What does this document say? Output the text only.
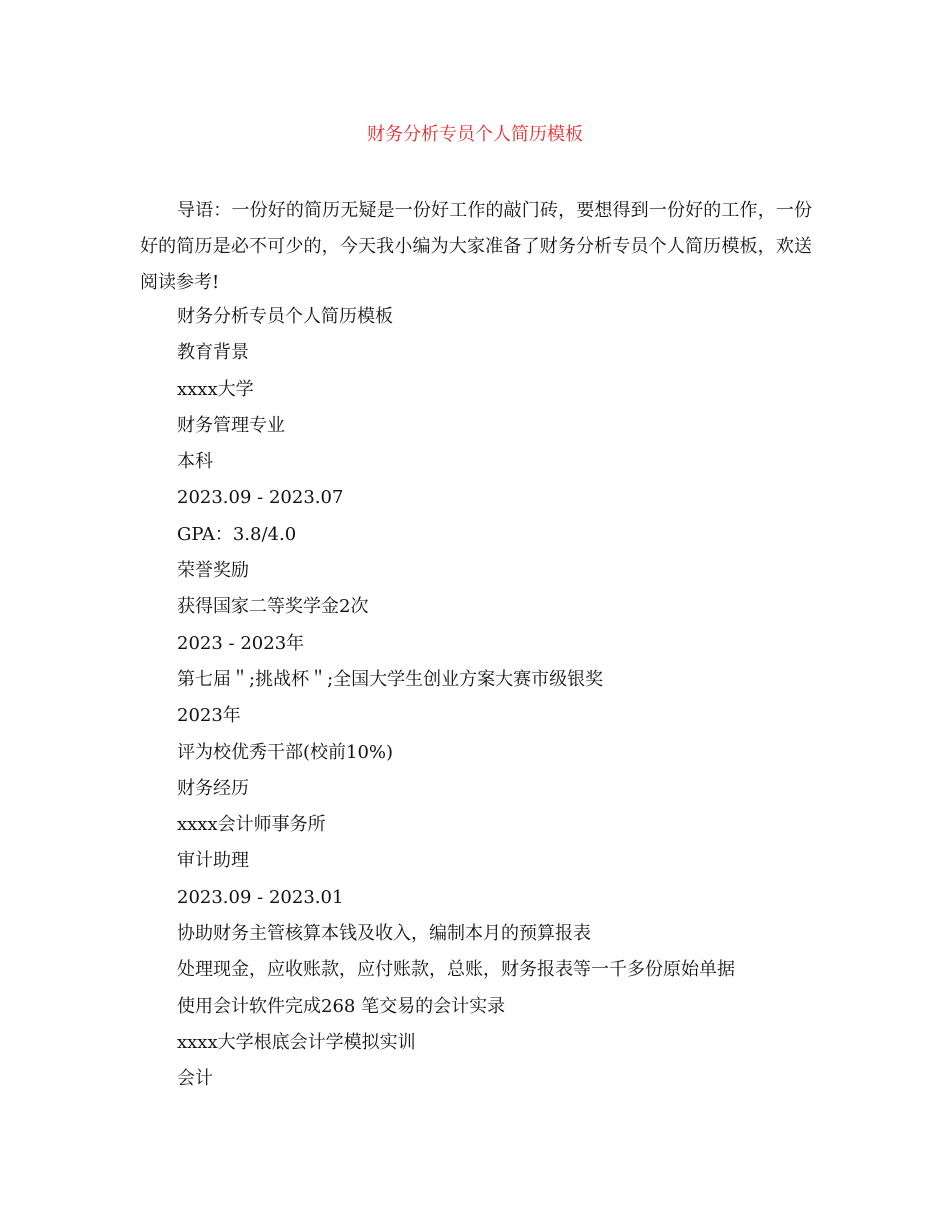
财务分析专员个人简历模板

导语：一份好的简历无疑是一份好工作的敲门砖，要想得到一份好的工作，一份好的简历是必不可少的，今天我小编为大家准备了财务分析专员个人简历模板，欢送阅读参考!

财务分析专员个人简历模板
教育背景
xxxx大学
财务管理专业
本科
2023.09 - 2023.07
GPA：3.8/4.0
荣誉奖励
获得国家二等奖学金2次
2023 - 2023年
第七届＂;挑战杯＂;全国大学生创业方案大赛市级银奖
2023年
评为校优秀干部(校前10%)
财务经历
xxxx会计师事务所
审计助理
2023.09 - 2023.01
协助财务主管核算本钱及收入，编制本月的预算报表
处理现金，应收账款，应付账款，总账，财务报表等一千多份原始单据
使用会计软件完成268 笔交易的会计实录
xxxx大学根底会计学模拟实训
会计
